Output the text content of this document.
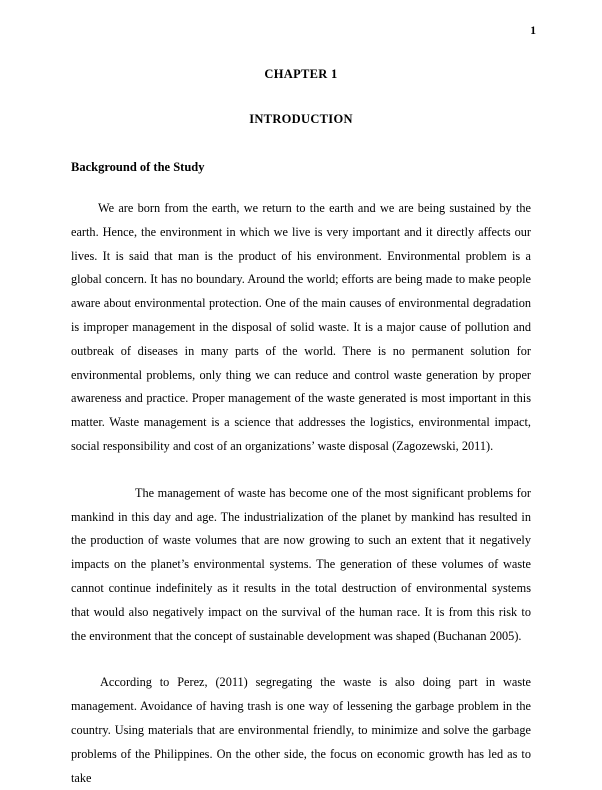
1
CHAPTER 1
INTRODUCTION
Background of the Study

We are born from the earth, we return to the earth and we are being sustained by the earth. Hence, the environment in which we live is very important and it directly affects our lives. It is said that man is the product of his environment. Environmental problem is a global concern. It has no boundary. Around the world; efforts are being made to make people aware about environmental protection. One of the main causes of environmental degradation is improper management in the disposal of solid waste. It is a major cause of pollution and outbreak of diseases in many parts of the world. There is no permanent solution for environmental problems, only thing we can reduce and control waste generation by proper awareness and practice. Proper management of the waste generated is most important in this matter. Waste management is a science that addresses the logistics, environmental impact, social responsibility and cost of an organizations’ waste disposal (Zagozewski, 2011).

The management of waste has become one of the most significant problems for mankind in this day and age. The industrialization of the planet by mankind has resulted in the production of waste volumes that are now growing to such an extent that it negatively impacts on the planet’s environmental systems. The generation of these volumes of waste cannot continue indefinitely as it results in the total destruction of environmental systems that would also negatively impact on the survival of the human race. It is from this risk to the environment that the concept of sustainable development was shaped (Buchanan 2005).

According to Perez, (2011) segregating the waste is also doing part in waste management. Avoidance of having trash is one way of lessening the garbage problem in the country. Using materials that are environmental friendly, to minimize and solve the garbage problems of the Philippines. On the other side, the focus on economic growth has led as to take
